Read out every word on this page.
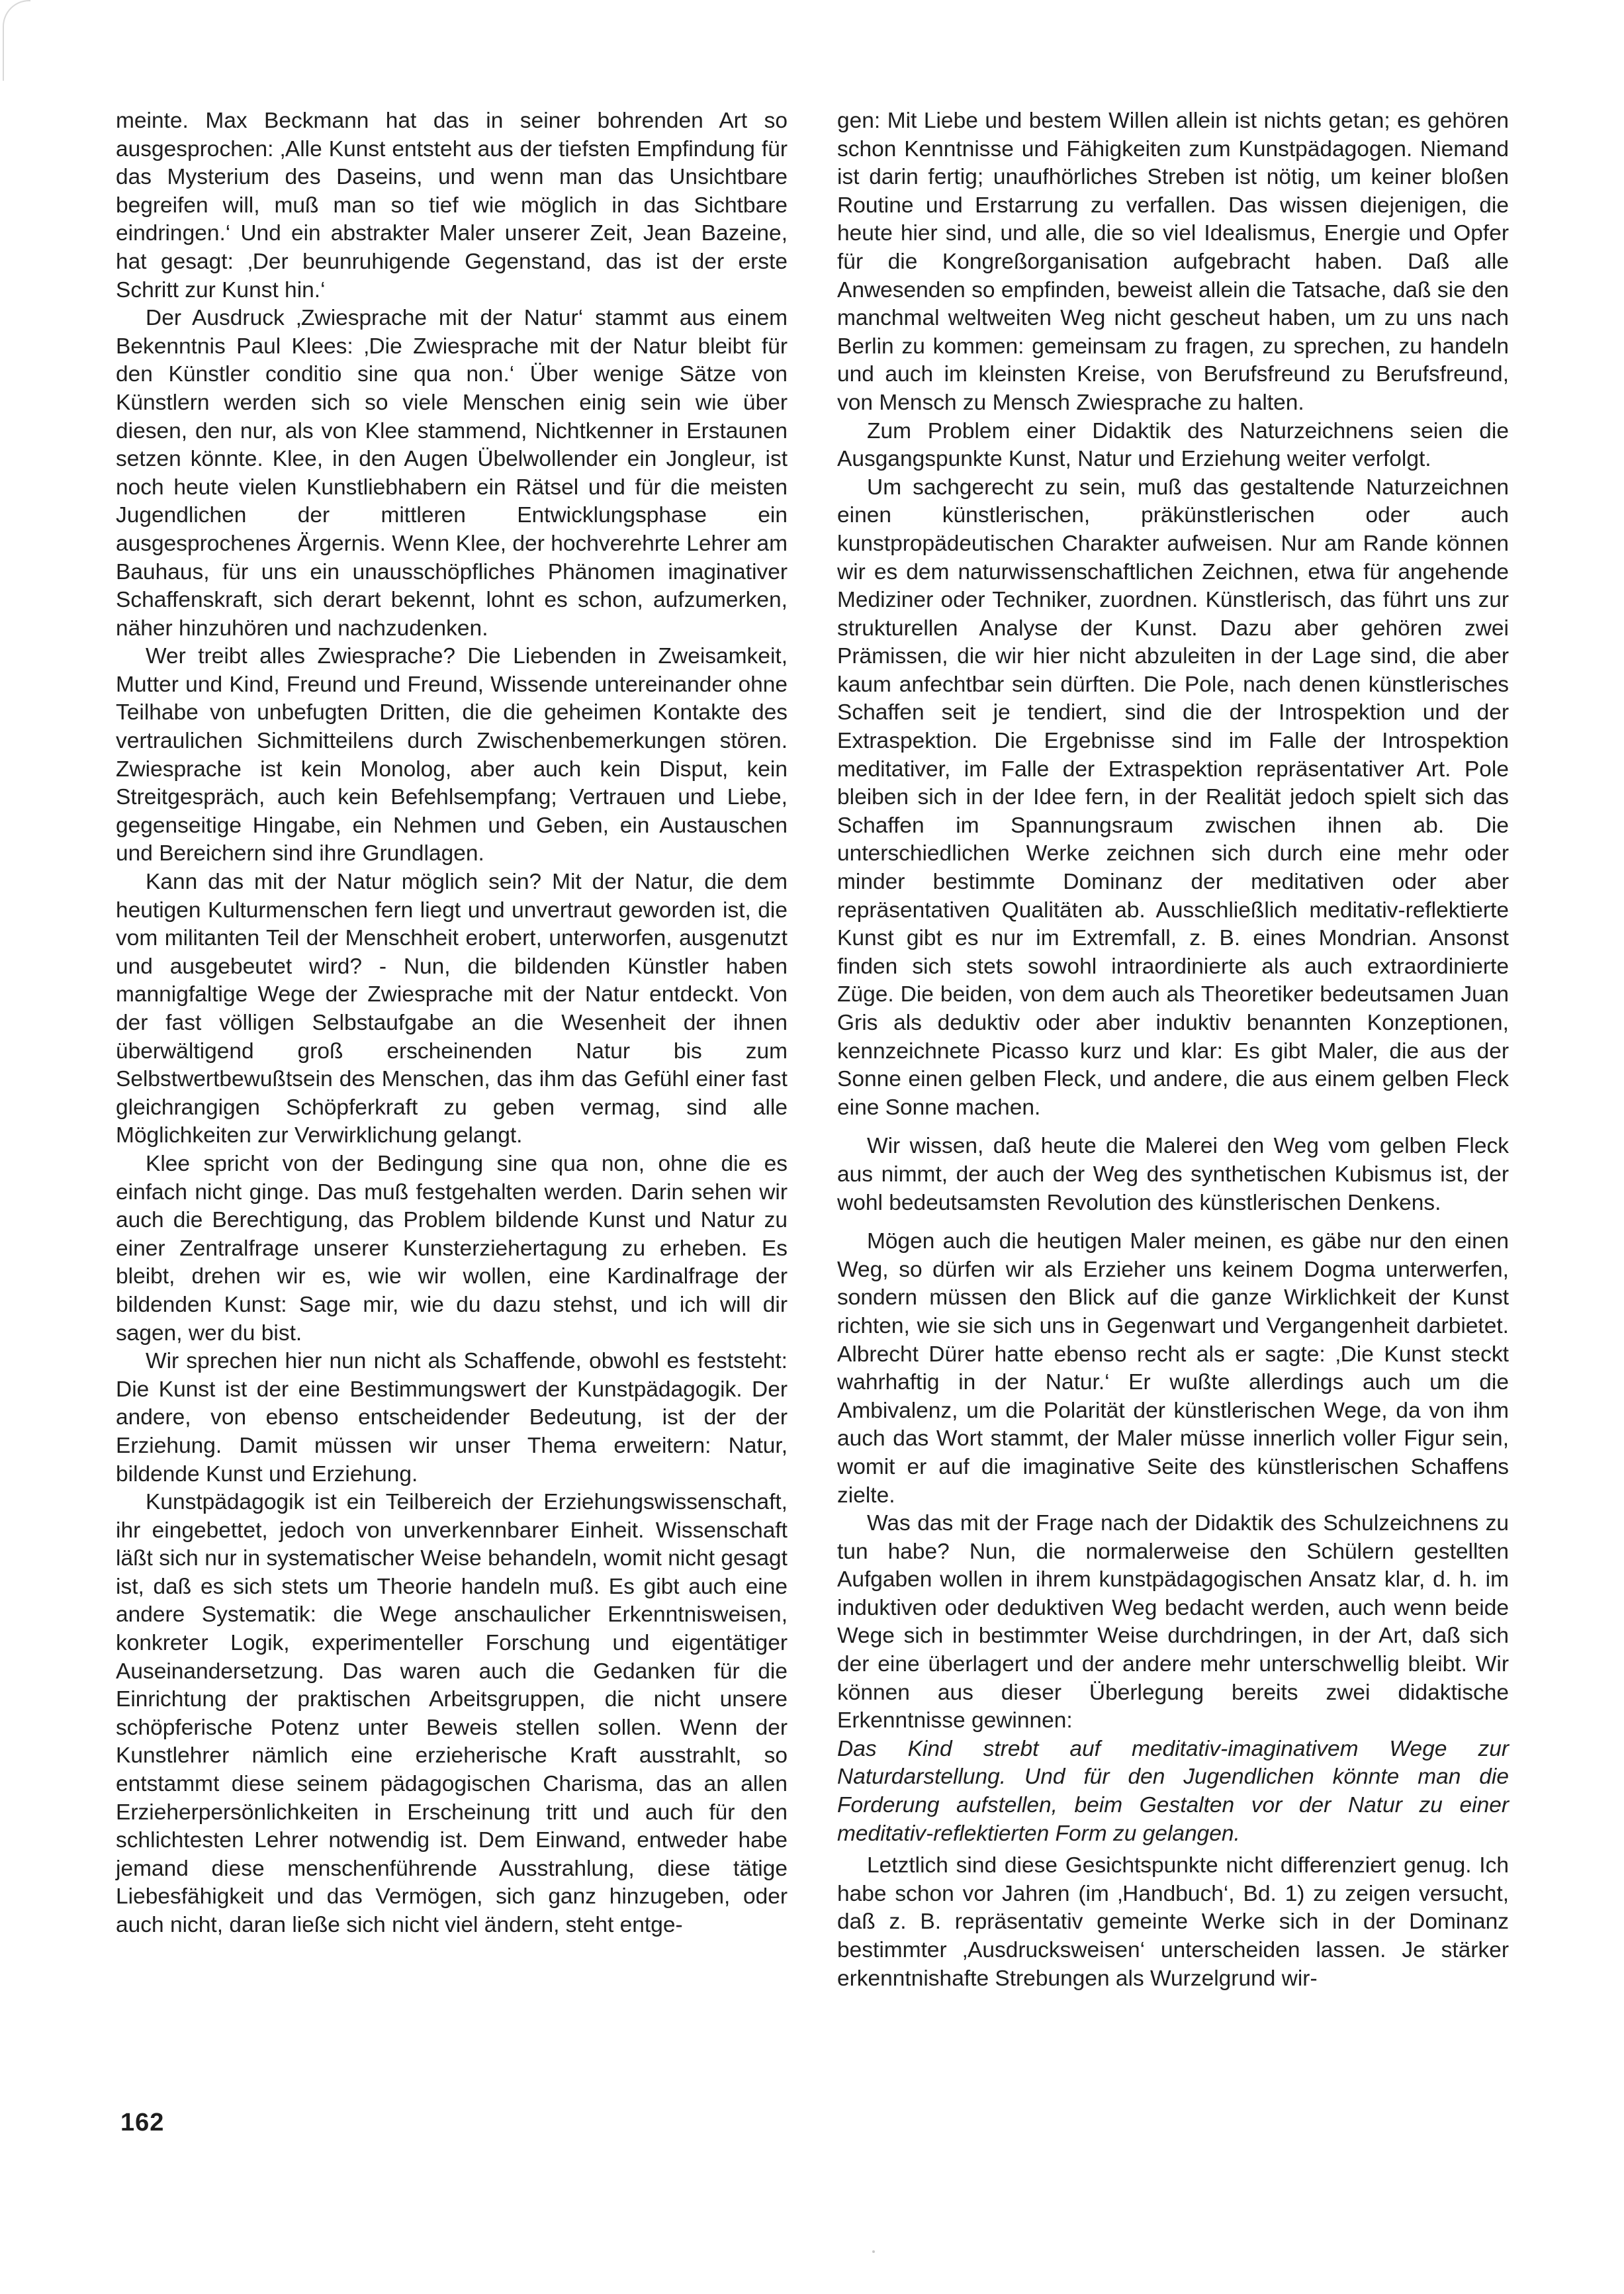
meinte. Max Beckmann hat das in seiner bohrenden Art so ausgesprochen: ‚Alle Kunst entsteht aus der tiefsten Empfindung für das Mysterium des Daseins, und wenn man das Unsichtbare begreifen will, muß man so tief wie möglich in das Sichtbare eindringen.‘ Und ein abstrakter Maler unserer Zeit, Jean Bazeine, hat gesagt: ‚Der beunruhigende Gegenstand, das ist der erste Schritt zur Kunst hin.‘

Der Ausdruck ‚Zwiesprache mit der Natur‘ stammt aus einem Bekenntnis Paul Klees: ‚Die Zwiesprache mit der Natur bleibt für den Künstler conditio sine qua non.‘ Über wenige Sätze von Künstlern werden sich so viele Menschen einig sein wie über diesen, den nur, als von Klee stammend, Nichtkenner in Erstaunen setzen könnte. Klee, in den Augen Übelwollender ein Jongleur, ist noch heute vielen Kunstliebhabern ein Rätsel und für die meisten Jugendlichen der mittleren Entwicklungsphase ein ausgesprochenes Ärgernis. Wenn Klee, der hochverehrte Lehrer am Bauhaus, für uns ein unausschöpfliches Phänomen imaginativer Schaffenskraft, sich derart bekennt, lohnt es schon, aufzumerken, näher hinzuhören und nachzudenken.

Wer treibt alles Zwiesprache? Die Liebenden in Zweisamkeit, Mutter und Kind, Freund und Freund, Wissende untereinander ohne Teilhabe von unbefugten Dritten, die die geheimen Kontakte des vertraulichen Sichmitteilens durch Zwischenbemerkungen stören. Zwiesprache ist kein Monolog, aber auch kein Disput, kein Streitgespräch, auch kein Befehlsempfang; Vertrauen und Liebe, gegenseitige Hingabe, ein Nehmen und Geben, ein Austauschen und Bereichern sind ihre Grundlagen.

Kann das mit der Natur möglich sein? Mit der Natur, die dem heutigen Kulturmenschen fern liegt und unvertraut geworden ist, die vom militanten Teil der Menschheit erobert, unterworfen, ausgenutzt und ausgebeutet wird? - Nun, die bildenden Künstler haben mannigfaltige Wege der Zwiesprache mit der Natur entdeckt. Von der fast völligen Selbstaufgabe an die Wesenheit der ihnen überwältigend groß erscheinenden Natur bis zum Selbstwertbewußtsein des Menschen, das ihm das Gefühl einer fast gleichrangigen Schöpferkraft zu geben vermag, sind alle Möglichkeiten zur Verwirklichung gelangt.

Klee spricht von der Bedingung sine qua non, ohne die es einfach nicht ginge. Das muß festgehalten werden. Darin sehen wir auch die Berechtigung, das Problem bildende Kunst und Natur zu einer Zentralfrage unserer Kunsterziehertagung zu erheben. Es bleibt, drehen wir es, wie wir wollen, eine Kardinalfrage der bildenden Kunst: Sage mir, wie du dazu stehst, und ich will dir sagen, wer du bist.

Wir sprechen hier nun nicht als Schaffende, obwohl es feststeht: Die Kunst ist der eine Bestimmungswert der Kunstpädagogik. Der andere, von ebenso entscheidender Bedeutung, ist der der Erziehung. Damit müssen wir unser Thema erweitern: Natur, bildende Kunst und Erziehung.

Kunstpädagogik ist ein Teilbereich der Erziehungswissenschaft, ihr eingebettet, jedoch von unverkennbarer Einheit. Wissenschaft läßt sich nur in systematischer Weise behandeln, womit nicht gesagt ist, daß es sich stets um Theorie handeln muß. Es gibt auch eine andere Systematik: die Wege anschaulicher Erkenntnisweisen, konkreter Logik, experimenteller Forschung und eigentätiger Auseinandersetzung. Das waren auch die Gedanken für die Einrichtung der praktischen Arbeitsgruppen, die nicht unsere schöpferische Potenz unter Beweis stellen sollen. Wenn der Kunstlehrer nämlich eine erzieherische Kraft ausstrahlt, so entstammt diese seinem pädagogischen Charisma, das an allen Erzieherpersönlichkeiten in Erscheinung tritt und auch für den schlichtesten Lehrer notwendig ist. Dem Einwand, entweder habe jemand diese menschenführende Ausstrahlung, diese tätige Liebesfähigkeit und das Vermögen, sich ganz hinzugeben, oder auch nicht, daran ließe sich nicht viel ändern, steht entge-

gen: Mit Liebe und bestem Willen allein ist nichts getan; es gehören schon Kenntnisse und Fähigkeiten zum Kunstpädagogen. Niemand ist darin fertig; unaufhörliches Streben ist nötig, um keiner bloßen Routine und Erstarrung zu verfallen. Das wissen diejenigen, die heute hier sind, und alle, die so viel Idealismus, Energie und Opfer für die Kongreßorganisation aufgebracht haben. Daß alle Anwesenden so empfinden, beweist allein die Tatsache, daß sie den manchmal weltweiten Weg nicht gescheut haben, um zu uns nach Berlin zu kommen: gemeinsam zu fragen, zu sprechen, zu handeln und auch im kleinsten Kreise, von Berufsfreund zu Berufsfreund, von Mensch zu Mensch Zwiesprache zu halten.

Zum Problem einer Didaktik des Naturzeichnens seien die Ausgangspunkte Kunst, Natur und Erziehung weiter verfolgt.

Um sachgerecht zu sein, muß das gestaltende Naturzeichnen einen künstlerischen, präkünstlerischen oder auch kunstpropädeutischen Charakter aufweisen. Nur am Rande können wir es dem naturwissenschaftlichen Zeichnen, etwa für angehende Mediziner oder Techniker, zuordnen. Künstlerisch, das führt uns zur strukturellen Analyse der Kunst. Dazu aber gehören zwei Prämissen, die wir hier nicht abzuleiten in der Lage sind, die aber kaum anfechtbar sein dürften. Die Pole, nach denen künstlerisches Schaffen seit je tendiert, sind die der Introspektion und der Extraspektion. Die Ergebnisse sind im Falle der Introspektion meditativer, im Falle der Extraspektion repräsentativer Art. Pole bleiben sich in der Idee fern, in der Realität jedoch spielt sich das Schaffen im Spannungsraum zwischen ihnen ab. Die unterschiedlichen Werke zeichnen sich durch eine mehr oder minder bestimmte Dominanz der meditativen oder aber repräsentativen Qualitäten ab. Ausschließlich meditativ-reflektierte Kunst gibt es nur im Extremfall, z. B. eines Mondrian. Ansonst finden sich stets sowohl intraordinierte als auch extraordinierte Züge. Die beiden, von dem auch als Theoretiker bedeutsamen Juan Gris als deduktiv oder aber induktiv benannten Konzeptionen, kennzeichnete Picasso kurz und klar: Es gibt Maler, die aus der Sonne einen gelben Fleck, und andere, die aus einem gelben Fleck eine Sonne machen.

Wir wissen, daß heute die Malerei den Weg vom gelben Fleck aus nimmt, der auch der Weg des synthetischen Kubismus ist, der wohl bedeutsamsten Revolution des künstlerischen Denkens.

Mögen auch die heutigen Maler meinen, es gäbe nur den einen Weg, so dürfen wir als Erzieher uns keinem Dogma unterwerfen, sondern müssen den Blick auf die ganze Wirklichkeit der Kunst richten, wie sie sich uns in Gegenwart und Vergangenheit darbietet. Albrecht Dürer hatte ebenso recht als er sagte: ‚Die Kunst steckt wahrhaftig in der Natur.‘ Er wußte allerdings auch um die Ambivalenz, um die Polarität der künstlerischen Wege, da von ihm auch das Wort stammt, der Maler müsse innerlich voller Figur sein, womit er auf die imaginative Seite des künstlerischen Schaffens zielte.

Was das mit der Frage nach der Didaktik des Schulzeichnens zu tun habe? Nun, die normalerweise den Schülern gestellten Aufgaben wollen in ihrem kunstpädagogischen Ansatz klar, d. h. im induktiven oder deduktiven Weg bedacht werden, auch wenn beide Wege sich in bestimmter Weise durchdringen, in der Art, daß sich der eine überlagert und der andere mehr unterschwellig bleibt. Wir können aus dieser Überlegung bereits zwei didaktische Erkenntnisse gewinnen:

Das Kind strebt auf meditativ-imaginativem Wege zur Naturdarstellung. Und für den Jugendlichen könnte man die Forderung aufstellen, beim Gestalten vor der Natur zu einer meditativ-reflektierten Form zu gelangen.

Letztlich sind diese Gesichtspunkte nicht differenziert genug. Ich habe schon vor Jahren (im ‚Handbuch‘, Bd. 1) zu zeigen versucht, daß z. B. repräsentativ gemeinte Werke sich in der Dominanz bestimmter ‚Ausdrucksweisen‘ unterscheiden lassen. Je stärker erkenntnishafte Strebungen als Wurzelgrund wir-

162
